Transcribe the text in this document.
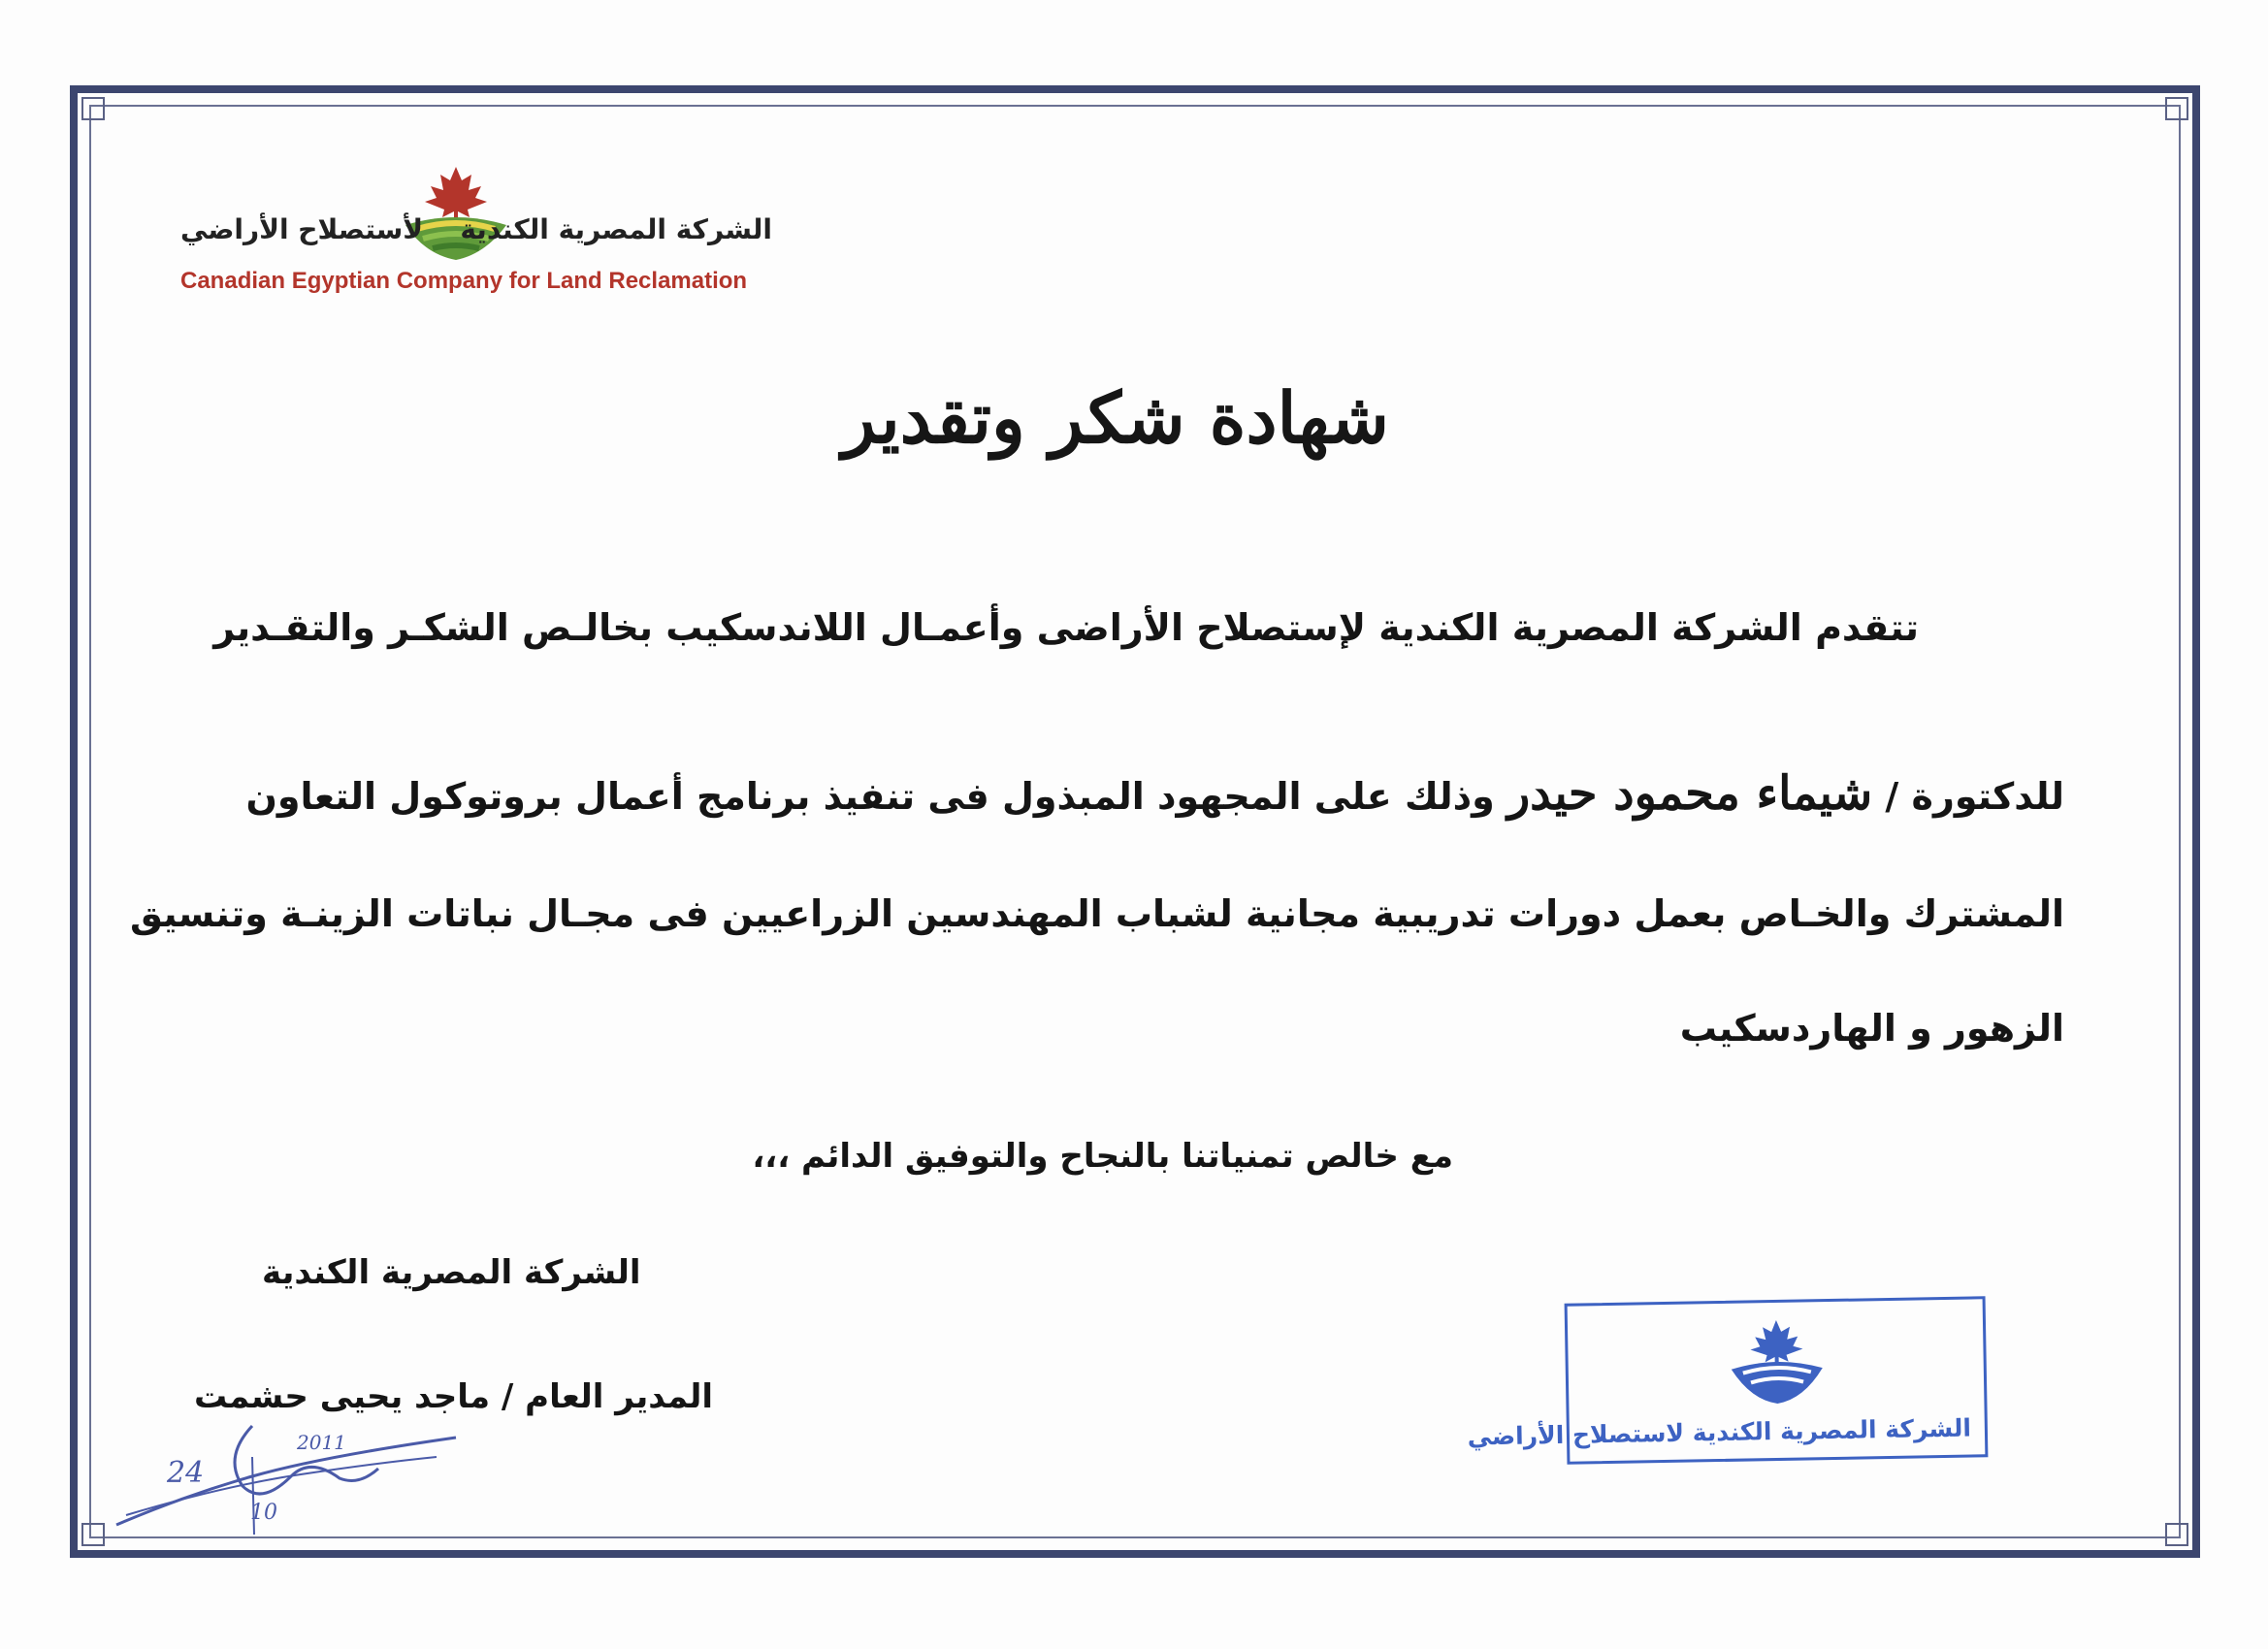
الشركة المصرية الكندية
لأستصلاح الأراضي
Canadian Egyptian Company for Land Reclamation
شهادة شكر وتقدير
تتقدم الشركة المصرية الكندية لإستصلاح الأراضى وأعمـال اللاندسكيب بخالـص الشكـر والتقـدير
للدكتورة / شيماء محمود حيدر وذلك على المجهود المبذول فى تنفيذ برنامج أعمال بروتوكول التعاون
المشترك والخـاص بعمل دورات تدريبية مجانية لشباب المهندسين الزراعيين فى مجـال نباتات الزينـة وتنسيق
الزهور و الهاردسكيب
مع خالص تمنياتنا بالنجاح والتوفيق الدائم ،،،
الشركة المصرية الكندية
المدير العام / ماجد يحيى حشمت
24
2011
10
الشركة المصرية الكندية لاستصلاح الأراضي
